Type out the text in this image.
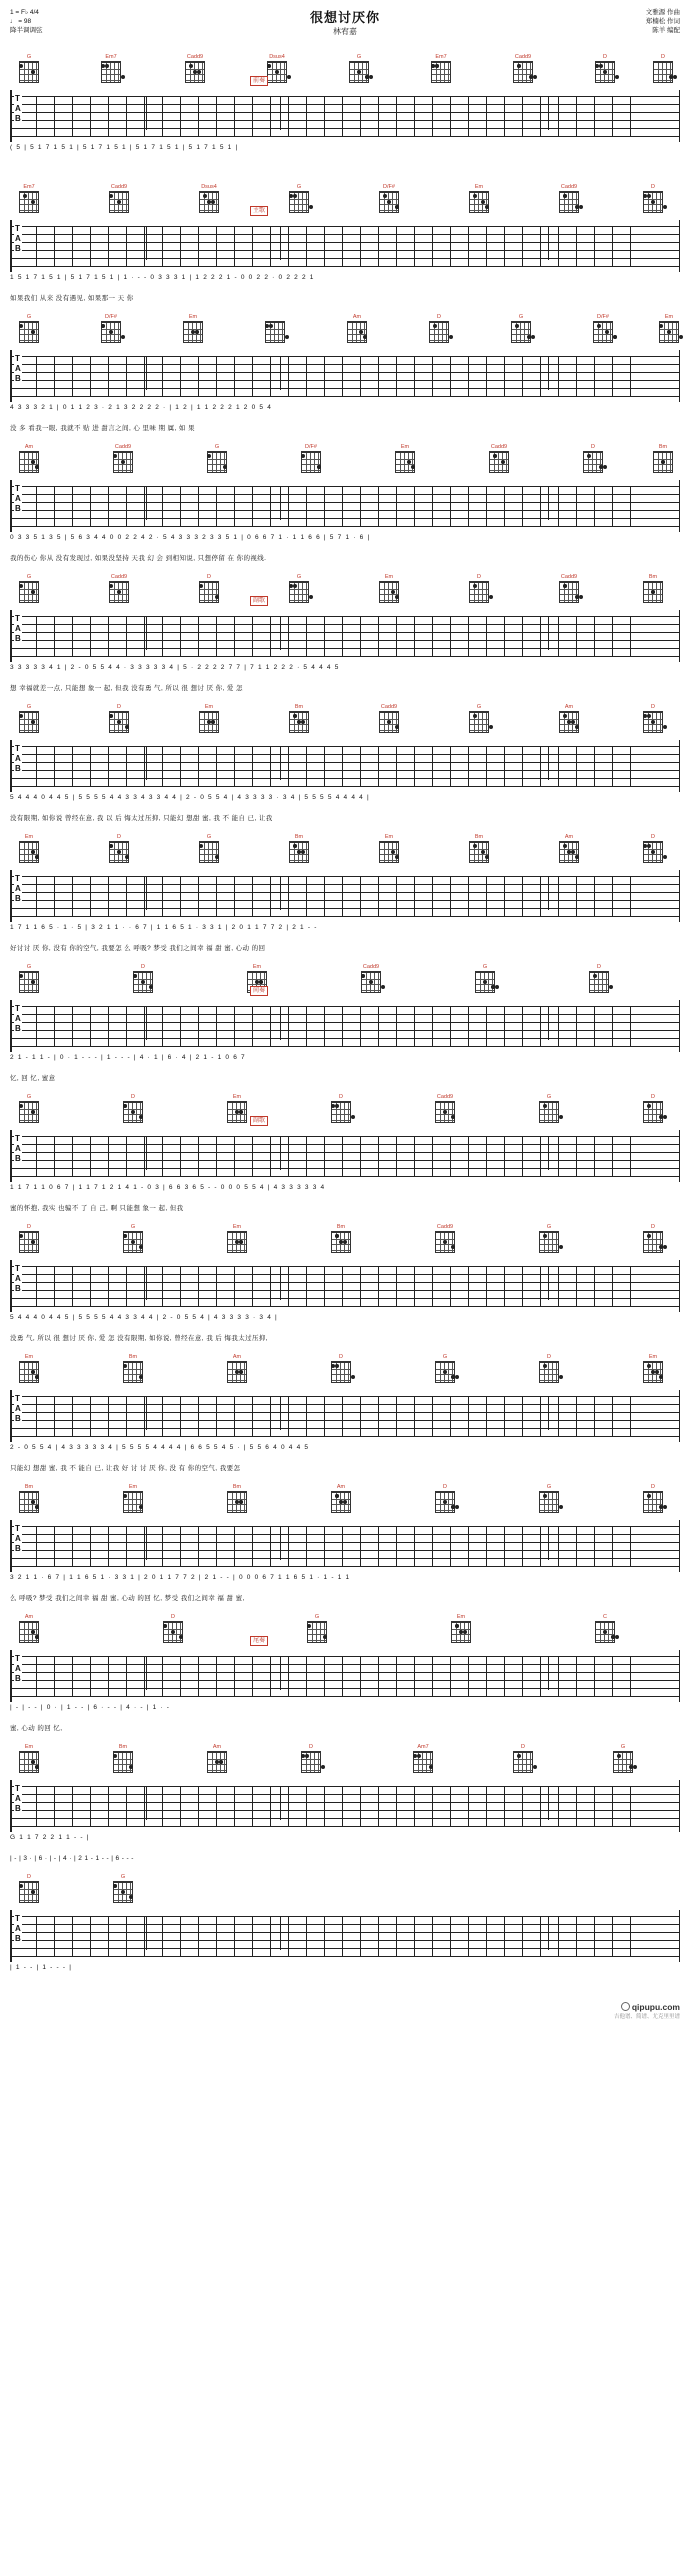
1 = F♭ 4/4
♩ = 98
降半调调弦
很想讨厌你
林宥嘉
文雅源 作曲
郑楠松 作词
陈羊 编配
G	Em7	Cadd9	Dsus4	G	Em7	Cadd9	D	D
前奏
T
A
B
( 5 | 5 1 7 1 5 1 | 5 1 7 1 5 1 | 5 1 7 1 5 1 | 5 1 7 1 5 1 |
Em7	Cadd9	Dsus4	G	D/F#	Em	Cadd9	D
主歌
T
A
B
1 5 1 7 1 5 1 | 5 1 7 1 5 1 | 1 · - - 0 3 3 3 1 | 1 2 2 2 1 - 0 0 2 2 · 0 2 2 2 1
如果我们 从来 没有遇见, 如果那一 天 你
G	D/F#	Em	Am	D	G	D/F#	Em
T
A
B
4 3 3 3 2 1 | 0 1 1 2 3 · 2 1 3 2 2 2 2 · | 1 2 | 1 1 2 2 2 1 2 0 5 4
没 多 看我一眼, 我就不 贴 进 甜言之间, 心 里味 期 属, 如 果
Am	Cadd9	G	D/F#	Em	Cadd9	D	Bm
T
A
B
0 3 3 5 1 3 5 | 5 6 3 4 4 0 0 2 2 4 2 · 5 4 3 3 3 2 3 3 5 1 | 0 6 6 7 1 · 1 1 6 6 | 5 7 1 · 6 |
我的伤心 你从 没有发现过, 如果没坚持 天我 幻 会 到相知说, 只想停留 在 你的视线.
G	Cadd9	D	G	Em	D	Cadd9	Bm
副歌
T
A
B
3 3 3 3 3 4 1 | 2 - 0 5 5 4 4 · 3 3 3 3 3 4 | 5 · 2 2 2 2 7 7 | 7 1 1 2 2 2 · 5 4 4 4 5
想 幸福就差一点, 只能想 象一 起, 但我 没有勇 气, 所以 很 想讨 厌 你, 爱 怎
G	D	Em	Bm	Cadd9	G	Am	D
T
A
B
5 4 4 4 0 4 4 5 | 5 5 5 5 4 4 3 3 4 3 3 4 4 | 2 - 0 5 5 4 | 4 3 3 3 3 · 3 4 | 5 5 5 5 4 4 4 4 |
没有限期, 如你说 曾经在意, 我 以 后 悔太过压抑, 只能幻 想甜 蜜, 我 不 能自 已, 让我
Em	D	G	Bm	Em	Bm	Am	D
T
A
B
1 7 1 1 6 5 · 1 · 5 | 3 2 1 1 · · 6 7 | 1 1 6 5 1 · 3 3 1 | 2 0 1 1 7 7 2 | 2 1 - -
好讨讨 厌 你, 没有 你的空气, 我要怎 么 呼吸? 梦受 我们之间幸 福 甜 蜜, 心动 的回
G	D	Em	Cadd9	G	D
间奏
T
A
B
2 1 - 1 1 - | 0 · 1 - - - | 1 - - - | 4 · 1 | 6 · 4 | 2 1 - 1 0 6 7
忆, 回 忆, 蜜意
G	D	Em	D	Cadd9	G	D
副歌
T
A
B
1 1 7 1 1 0 6 7 | 1 1 7 1 2 1 4 1 - 0 3 | 6 6 3 6 5 - - 0 0 0 5 5 4 | 4 3 3 3 3 3 4
蜜的怀抱, 我实 也骗不 了 自 己, 啊 只能想 象一 起, 但我
D	G	Em	Bm	Cadd9	G	D
T
A
B
5 4 4 4 0 4 4 5 | 5 5 5 5 4 4 3 3 4 4 | 2 - 0 5 5 4 | 4 3 3 3 3 · 3 4 |
没勇 气, 所以 很 想讨 厌 你, 爱 怎 没有限期, 如你说, 曾经在意, 我 后 悔我太过压抑,
Em	Bm	Am	D	G	D	Em
T
A
B
2 - 0 5 5 4 | 4 3 3 3 3 3 4 | 5 5 5 5 4 4 4 4 | 6 6 5 5 4 5 · | 5 5 6 4 0 4 4 5
只能幻 想甜 蜜, 我 不 能自 已, 让我 好 讨 讨 厌 你, 没 有 你的空气, 我要怎
Bm	Em	Bm	Am	D	G	D
T
A
B
3 2 1 1 · 6 7 | 1 1 6 5 1 · 3 3 1 | 2 0 1 1 7 7 2 | 2 1 - - | 0 0 0 6 7 1 1 6 5 1 · 1 - 1 1
么 呼吸? 梦受 我们之间幸 福 甜 蜜, 心动 的回 忆, 梦受 我们之间幸 福 甜 蜜,
Am	D	G	Em	C
尾奏
T
A
B
| - | - - | 0 · | 1 - - | 6 · - - | 4 · - | 1 · -
蜜, 心动 的回 忆,
Em	Bm	Am	D	Am7	D	G
T
A
B
G 1 1 7 2 2 1 1 - - |
| - | 3 · | 6 · | - | 4 · | 2 1 - 1 - - | 6 - - -
D	G
T
A
B
| 1 - - | 1 - - - |
qipupu.com
吉他谱、简谱、尤克里里谱
